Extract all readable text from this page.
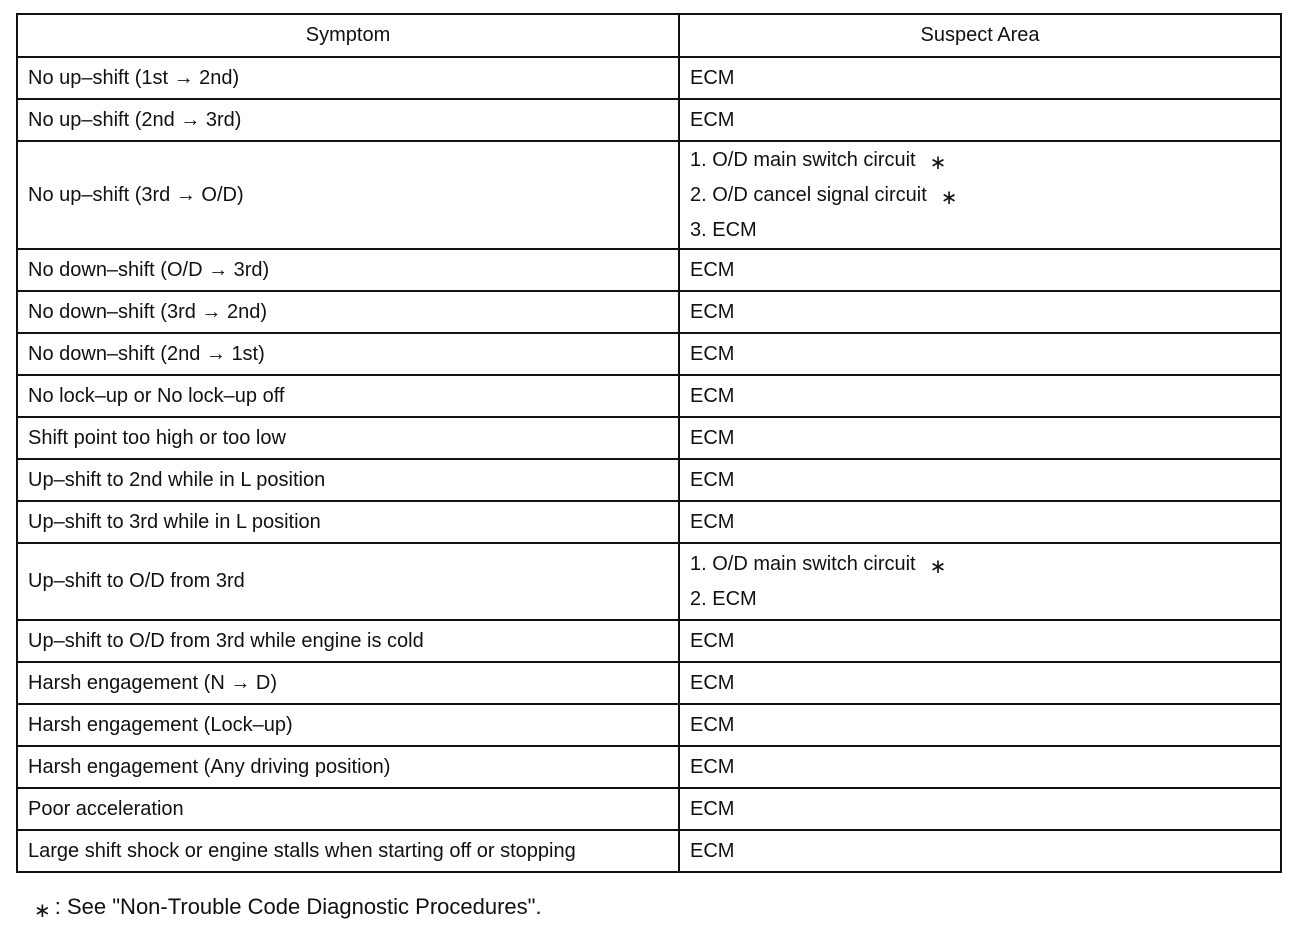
Symptom	Suspect Area
No up–shift (1st → 2nd)	ECM

No up–shift (2nd → 3rd)	ECM

No up–shift (3rd → O/D)	1. O/D main switch circuit ∗
2. O/D cancel signal circuit ∗
3. ECM

No down–shift (O/D → 3rd)	ECM

No down–shift (3rd → 2nd)	ECM

No down–shift (2nd → 1st)	ECM

No lock–up or No lock–up off	ECM

Shift point too high or too low	ECM

Up–shift to 2nd while in L position	ECM

Up–shift to 3rd while in L position	ECM

Up–shift to O/D from 3rd	1. O/D main switch circuit ∗
2. ECM

Up–shift to O/D from 3rd while engine is cold	ECM

Harsh engagement (N → D)	ECM

Harsh engagement (Lock–up)	ECM

Harsh engagement (Any driving position)	ECM

Poor acceleration	ECM

Large shift shock or engine stalls when starting off or stopping	ECM
∗ : See "Non-Trouble Code Diagnostic Procedures".
